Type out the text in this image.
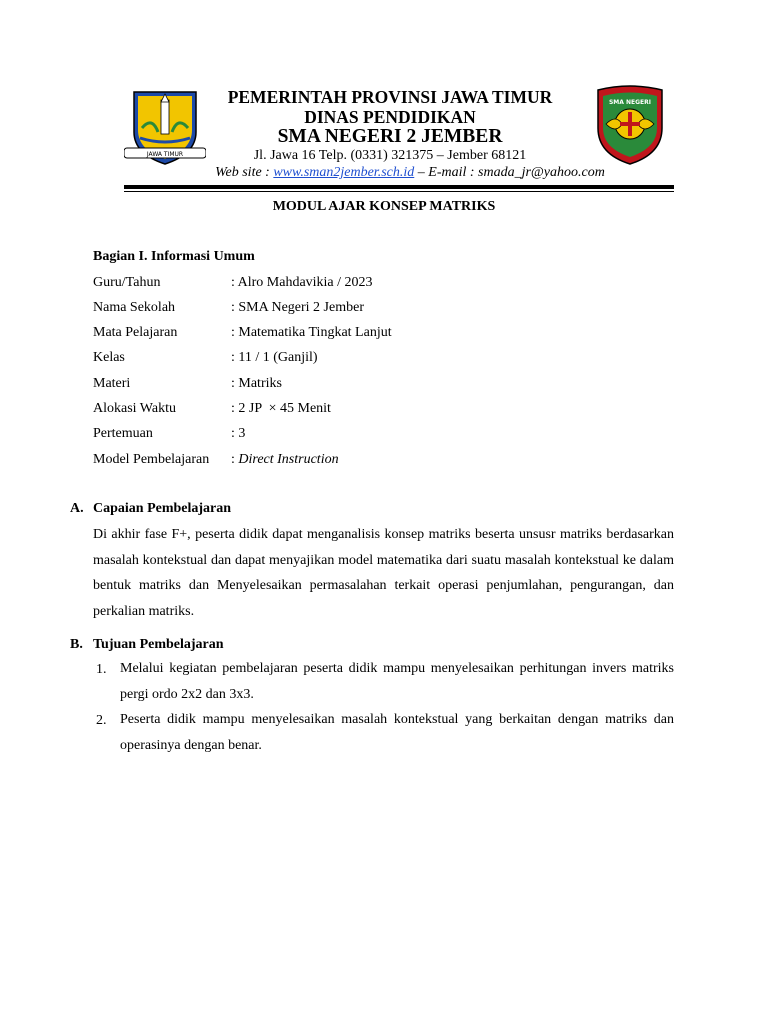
JAWA TIMUR
PEMERINTAH PROVINSI JAWA TIMUR
DINAS PENDIDIKAN
SMA NEGERI 2 JEMBER
Jl. Jawa 16 Telp. (0331) 321375 – Jember 68121
Web site : www.sman2jember.sch.id – E-mail : smada_jr@yahoo.com
SMA NEGERI
MODUL AJAR KONSEP MATRIKS
Bagian I. Informasi Umum
Guru/Tahun	: Alro Mahdavikia / 2023
Nama Sekolah	: SMA Negeri 2 Jember
Mata Pelajaran	: Matematika Tingkat Lanjut
Kelas	: 11 / 1 (Ganjil)
Materi	: Matriks
Alokasi Waktu	: 2 JP  × 45 Menit
Pertemuan	: 3
Model Pembelajaran : Direct Instruction
A. Capaian Pembelajaran
Di akhir fase F+, peserta didik dapat menganalisis konsep matriks beserta unsusr matriks berdasarkan masalah kontekstual dan dapat menyajikan model matematika dari suatu masalah kontekstual ke dalam bentuk matriks dan Menyelesaikan permasalahan terkait operasi penjumlahan, pengurangan, dan perkalian matriks.
B. Tujuan Pembelajaran
1. Melalui kegiatan pembelajaran peserta didik mampu menyelesaikan perhitungan invers matriks pergi ordo 2x2 dan 3x3.
2. Peserta didik mampu menyelesaikan masalah kontekstual yang berkaitan dengan matriks dan operasinya dengan benar.
